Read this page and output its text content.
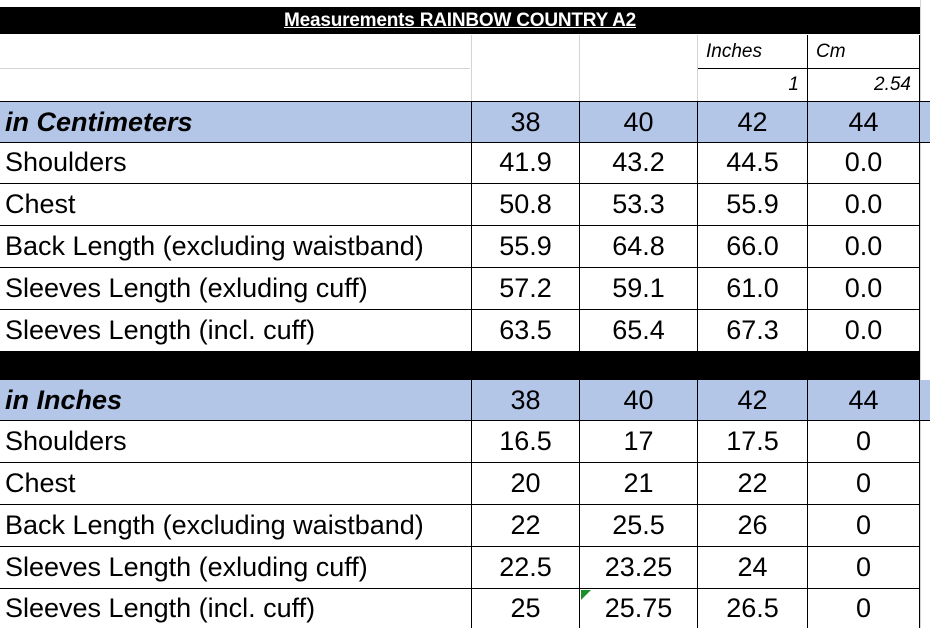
Measurements RAINBOW COUNTRY A2
Inches	Cm
1	2.54
in Centimeters	38	40	42	44
Shoulders	41.9	43.2	44.5	0.0
Chest	50.8	53.3	55.9	0.0
Back Length (excluding waistband)	55.9	64.8	66.0	0.0
Sleeves Length (exluding cuff)	57.2	59.1	61.0	0.0
Sleeves Length (incl. cuff)	63.5	65.4	67.3	0.0
in Inches	38	40	42	44
Shoulders	16.5	17	17.5	0
Chest	20	21	22	0
Back Length (excluding waistband)	22	25.5	26	0
Sleeves Length (exluding cuff)	22.5	23.25	24	0
Sleeves Length (incl. cuff)	25	25.75	26.5	0
